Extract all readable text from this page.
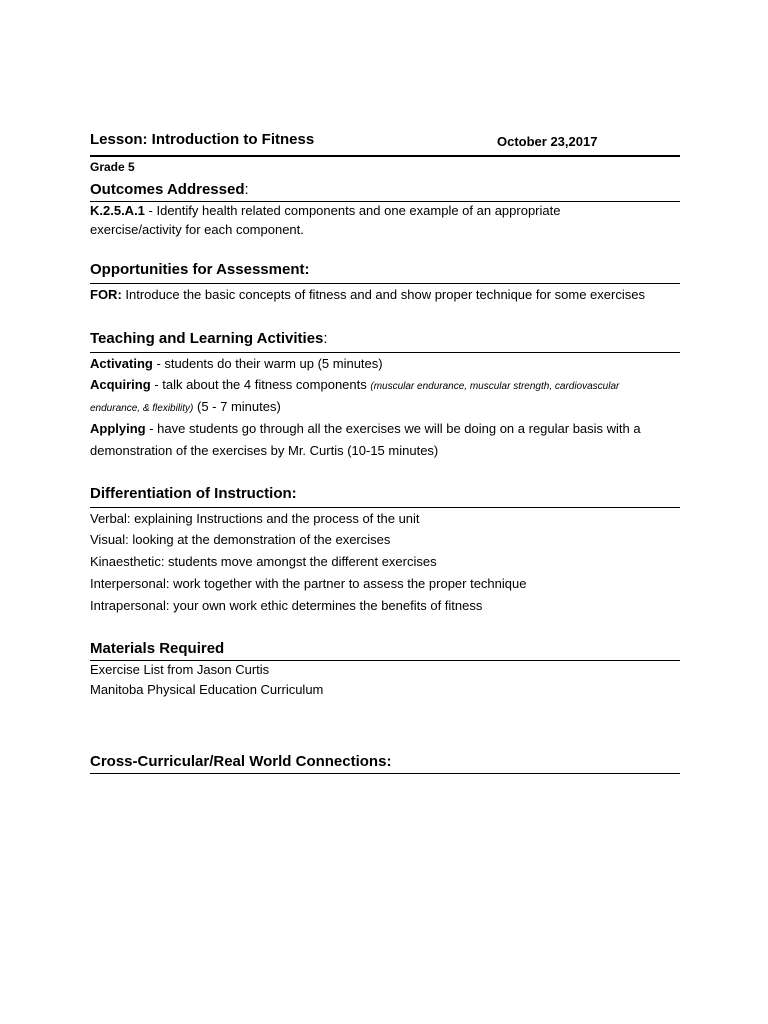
Lesson: Introduction to Fitness	October 23,2017
Grade 5
Outcomes Addressed:
K.2.5.A.1 - Identify health related components and one example of an appropriate
exercise/activity for each component.
Opportunities for Assessment:
FOR: Introduce the basic concepts of fitness and and show proper technique for some exercises
Teaching and Learning Activities:
Activating - students do their warm up (5 minutes)
Acquiring - talk about the 4 fitness components (muscular endurance, muscular strength, cardiovascular
endurance, & flexibility) (5 - 7 minutes)
Applying - have students go through all the exercises we will be doing on a regular basis with a
demonstration of the exercises by Mr. Curtis (10-15 minutes)
Differentiation of Instruction:
Verbal: explaining Instructions and the process of the unit
Visual: looking at the demonstration of the exercises
Kinaesthetic: students move amongst the different exercises
Interpersonal: work together with the partner to assess the proper technique
Intrapersonal: your own work ethic determines the benefits of fitness
Materials Required
Exercise List from Jason Curtis
Manitoba Physical Education Curriculum
Cross-Curricular/Real World Connections:
